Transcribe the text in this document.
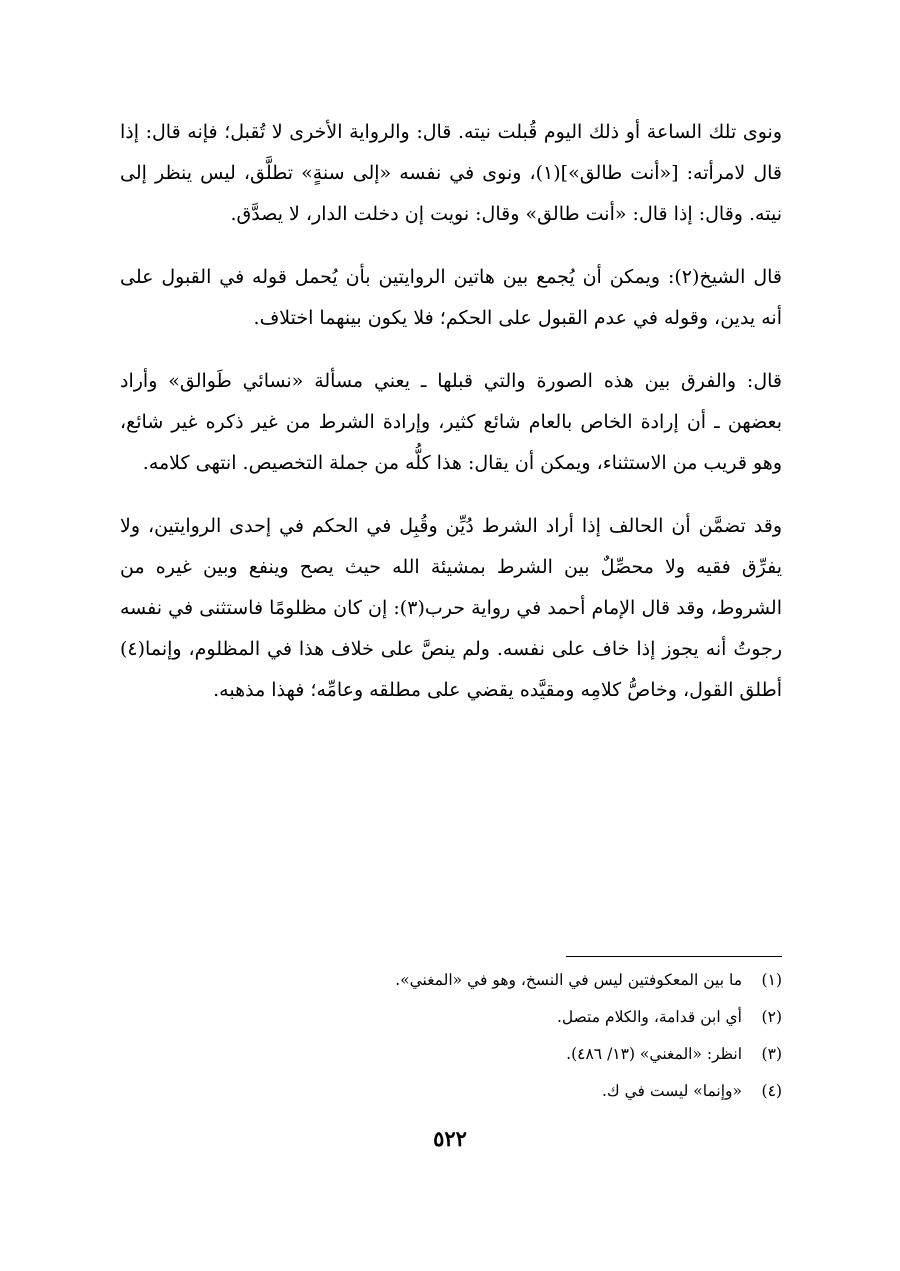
ونوى تلك الساعة أو ذلك اليوم قُبلت نيته. قال: والرواية الأخرى لا تُقبل؛ فإنه قال: إذا قال لامرأته: [«أنت طالق»](١)، ونوى في نفسه «إلى سنةٍ» تطلَّق، ليس ينظر إلى نيته. وقال: إذا قال: «أنت طالق» وقال: نويت إن دخلت الدار، لا يصدَّق.

قال الشيخ(٢): ويمكن أن يُجمع بين هاتين الروايتين بأن يُحمل قوله في القبول على أنه يدين، وقوله في عدم القبول على الحكم؛ فلا يكون بينهما اختلاف.

قال: والفرق بين هذه الصورة والتي قبلها ـ يعني مسألة «نسائي طَوالق» وأراد بعضهن ـ أن إرادة الخاص بالعام شائع كثير، وإرادة الشرط من غير ذكره غير شائع، وهو قريب من الاستثناء، ويمكن أن يقال: هذا كلُّه من جملة التخصيص. انتهى كلامه.

وقد تضمَّن أن الحالف إذا أراد الشرط دُيِّن وقُبِل في الحكم في إحدى الروايتين، ولا يفرِّق فقيه ولا محصِّلٌ بين الشرط بمشيئة الله حيث يصح وينفع وبين غيره من الشروط، وقد قال الإمام أحمد في رواية حرب(٣): إن كان مظلومًا فاستثنى في نفسه رجوتُ أنه يجوز إذا خاف على نفسه. ولم ينصَّ على خلاف هذا في المظلوم، وإنما(٤) أطلق القول، وخاصُّ كلامِه ومقيَّده يقضي على مطلقه وعامِّه؛ فهذا مذهبه.

(١)
ما بين المعكوفتين ليس في النسخ، وهو في «المغني».
(٢)
أي ابن قدامة، والكلام متصل.
(٣)
انظر: «المغني» (١٣/ ٤٨٦).
(٤)
«وإنما» ليست في ك.
٥٢٢
